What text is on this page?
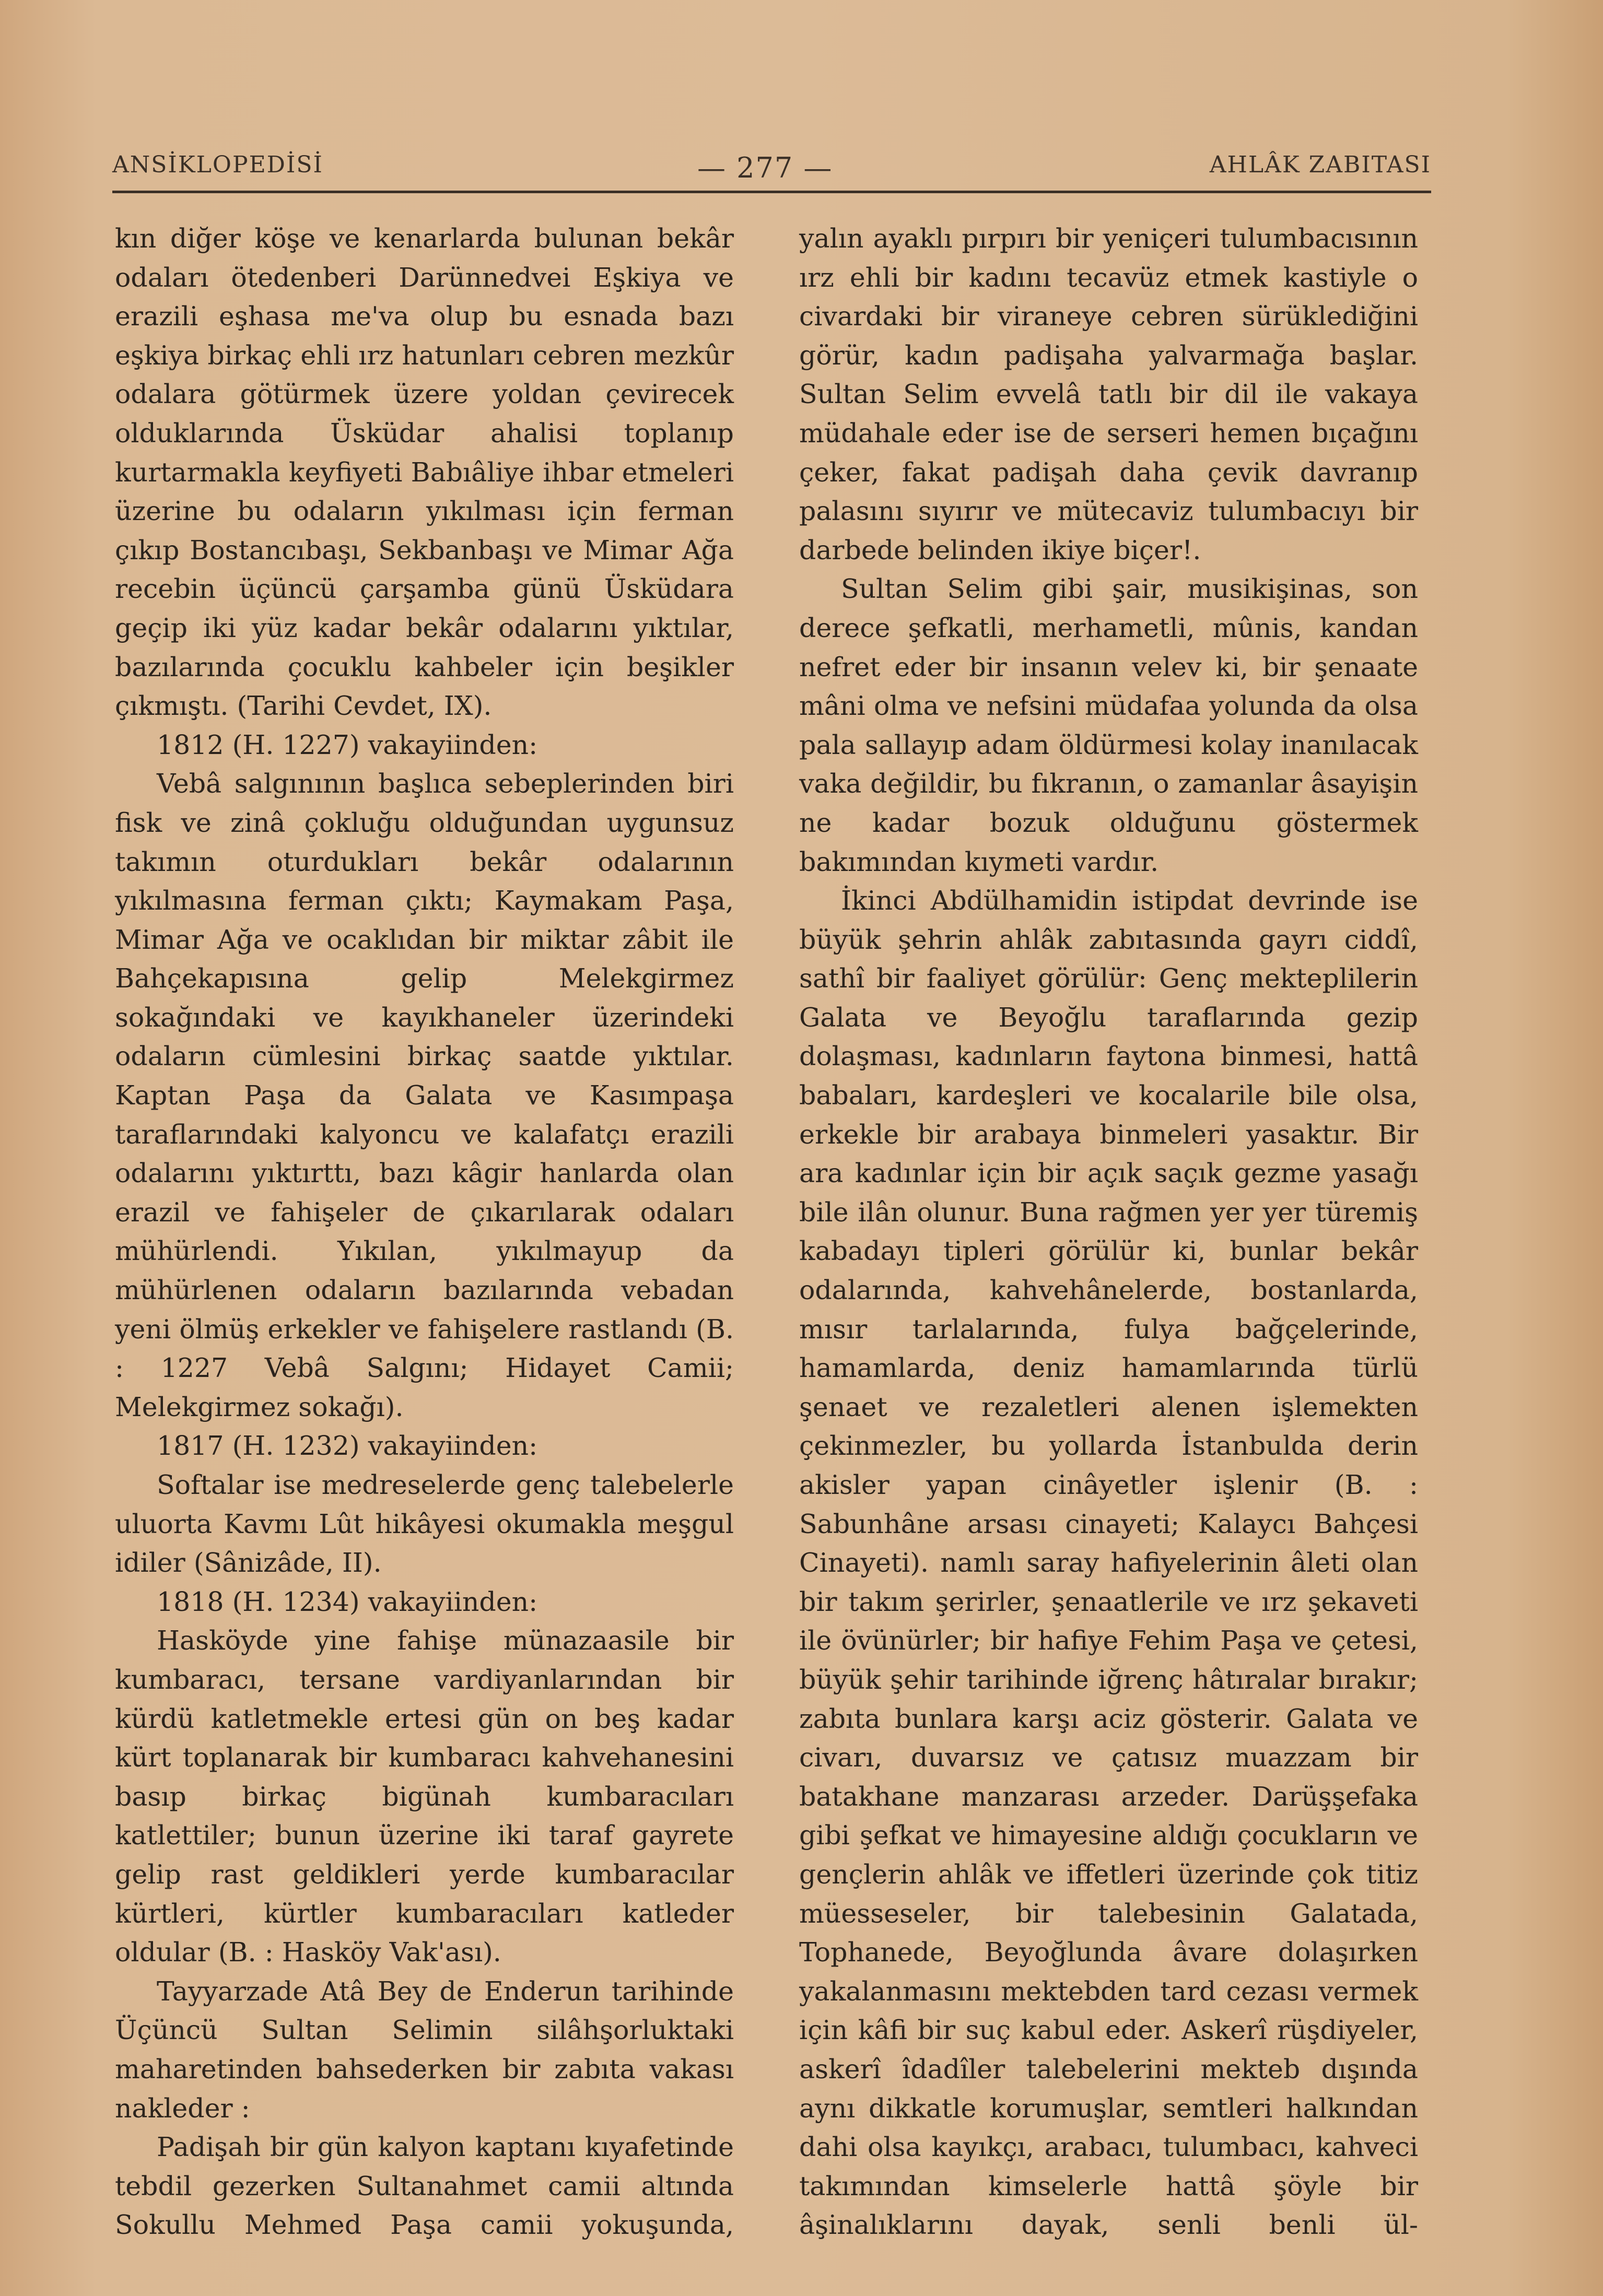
ANSİKLOPEDİSİ	— 277 —	AHLÂK ZABITASI

kın diğer köşe ve kenarlarda bulunan bekâr odaları ötedenberi Darünnedvei Eşkiya ve erazili eşhasa me'va olup bu esnada bazı eşkiya birkaç ehli ırz hatunları cebren mezkûr odalara götürmek üzere yoldan çevirecek olduklarında Üsküdar ahalisi toplanıp kurtarmakla keyfiyeti Babıâliye ihbar etmeleri üzerine bu odaların yıkılması için ferman çıkıp Bostancıbaşı, Sekbanbaşı ve Mimar Ağa recebin üçüncü çarşamba günü Üsküdara geçip iki yüz kadar bekâr odalarını yıktılar, bazılarında çocuklu kahbeler için beşikler çıkmıştı. (Tarihi Cevdet, IX).

1812 (H. 1227) vakayiinden:

Vebâ salgınının başlıca sebeplerinden biri fisk ve zinâ çokluğu olduğundan uygunsuz takımın oturdukları bekâr odalarının yıkılmasına ferman çıktı; Kaymakam Paşa, Mimar Ağa ve ocaklıdan bir miktar zâbit ile Bahçekapısına gelip Melekgirmez sokağındaki ve kayıkhaneler üzerindeki odaların cümlesini birkaç saatde yıktılar. Kaptan Paşa da Galata ve Kasımpaşa taraflarındaki kalyoncu ve kalafatçı erazili odalarını yıktırttı, bazı kâgir hanlarda olan erazil ve fahişeler de çıkarılarak odaları mühürlendi. Yıkılan, yıkılmayup da mühürlenen odaların bazılarında vebadan yeni ölmüş erkekler ve fahişelere rastlandı (B. : 1227 Vebâ Salgını; Hidayet Camii; Melekgirmez sokağı).

1817 (H. 1232) vakayiinden:

Softalar ise medreselerde genç talebelerle uluorta Kavmı Lût hikâyesi okumakla meşgul idiler (Sânizâde, II).

1818 (H. 1234) vakayiinden:

Hasköyde yine fahişe münazaasile bir kumbaracı, tersane vardiyanlarından bir kürdü katletmekle ertesi gün on beş kadar kürt toplanarak bir kumbaracı kahvehanesini basıp birkaç bigünah kumbaracıları katlettiler; bunun üzerine iki taraf gayrete gelip rast geldikleri yerde kumbaracılar kürtleri, kürtler kumbaracıları katleder oldular (B. : Hasköy Vak'ası).

Tayyarzade Atâ Bey de Enderun tarihinde Üçüncü Sultan Selimin silâhşorluktaki maharetinden bahsederken bir zabıta vakası nakleder :

Padişah bir gün kalyon kaptanı kıyafetinde tebdil gezerken Sultanahmet camii altında Sokullu Mehmed Paşa camii yokuşunda,

yalın ayaklı pırpırı bir yeniçeri tulumbacısının ırz ehli bir kadını tecavüz etmek kastiyle o civardaki bir viraneye cebren sürüklediğini görür, kadın padişaha yalvarmağa başlar. Sultan Selim evvelâ tatlı bir dil ile vakaya müdahale eder ise de serseri hemen bıçağını çeker, fakat padişah daha çevik davranıp palasını sıyırır ve mütecaviz tulumbacıyı bir darbede belinden ikiye biçer!.

Sultan Selim gibi şair, musikişinas, son derece şefkatli, merhametli, mûnis, kandan nefret eder bir insanın velev ki, bir şenaate mâni olma ve nefsini müdafaa yolunda da olsa pala sallayıp adam öldürmesi kolay inanılacak vaka değildir, bu fıkranın, o zamanlar âsayişin ne kadar bozuk olduğunu göstermek bakımından kıymeti vardır.

İkinci Abdülhamidin istipdat devrinde ise büyük şehrin ahlâk zabıtasında gayrı ciddî, sathî bir faaliyet görülür: Genç mekteplilerin Galata ve Beyoğlu taraflarında gezip dolaşması, kadınların faytona binmesi, hattâ babaları, kardeşleri ve kocalarile bile olsa, erkekle bir arabaya binmeleri yasaktır. Bir ara kadınlar için bir açık saçık gezme yasağı bile ilân olunur. Buna rağmen yer yer türemiş kabadayı tipleri görülür ki, bunlar bekâr odalarında, kahvehânelerde, bostanlarda, mısır tarlalarında, fulya bağçelerinde, hamamlarda, deniz hamamlarında türlü şenaet ve rezaletleri alenen işlemekten çekinmezler, bu yollarda İstanbulda derin akisler yapan cinâyetler işlenir (B. : Sabunhâne arsası cinayeti; Kalaycı Bahçesi Cinayeti). namlı saray hafiyelerinin âleti olan bir takım şerirler, şenaatlerile ve ırz şekaveti ile övünürler; bir hafiye Fehim Paşa ve çetesi, büyük şehir tarihinde iğrenç hâtıralar bırakır; zabıta bunlara karşı aciz gösterir. Galata ve civarı, duvarsız ve çatısız muazzam bir batakhane manzarası arzeder. Darüşşefaka gibi şefkat ve himayesine aldığı çocukların ve gençlerin ahlâk ve iffetleri üzerinde çok titiz müesseseler, bir talebesinin Galatada, Tophanede, Beyoğlunda âvare dolaşırken yakalanmasını mektebden tard cezası vermek için kâfi bir suç kabul eder. Askerî rüşdiyeler, askerî îdadîler talebelerini mekteb dışında aynı dikkatle korumuşlar, semtleri halkından dahi olsa kayıkçı, arabacı, tulumbacı, kahveci takımından kimselerle hattâ şöyle bir âşinalıklarını dayak, senli benli ül-
